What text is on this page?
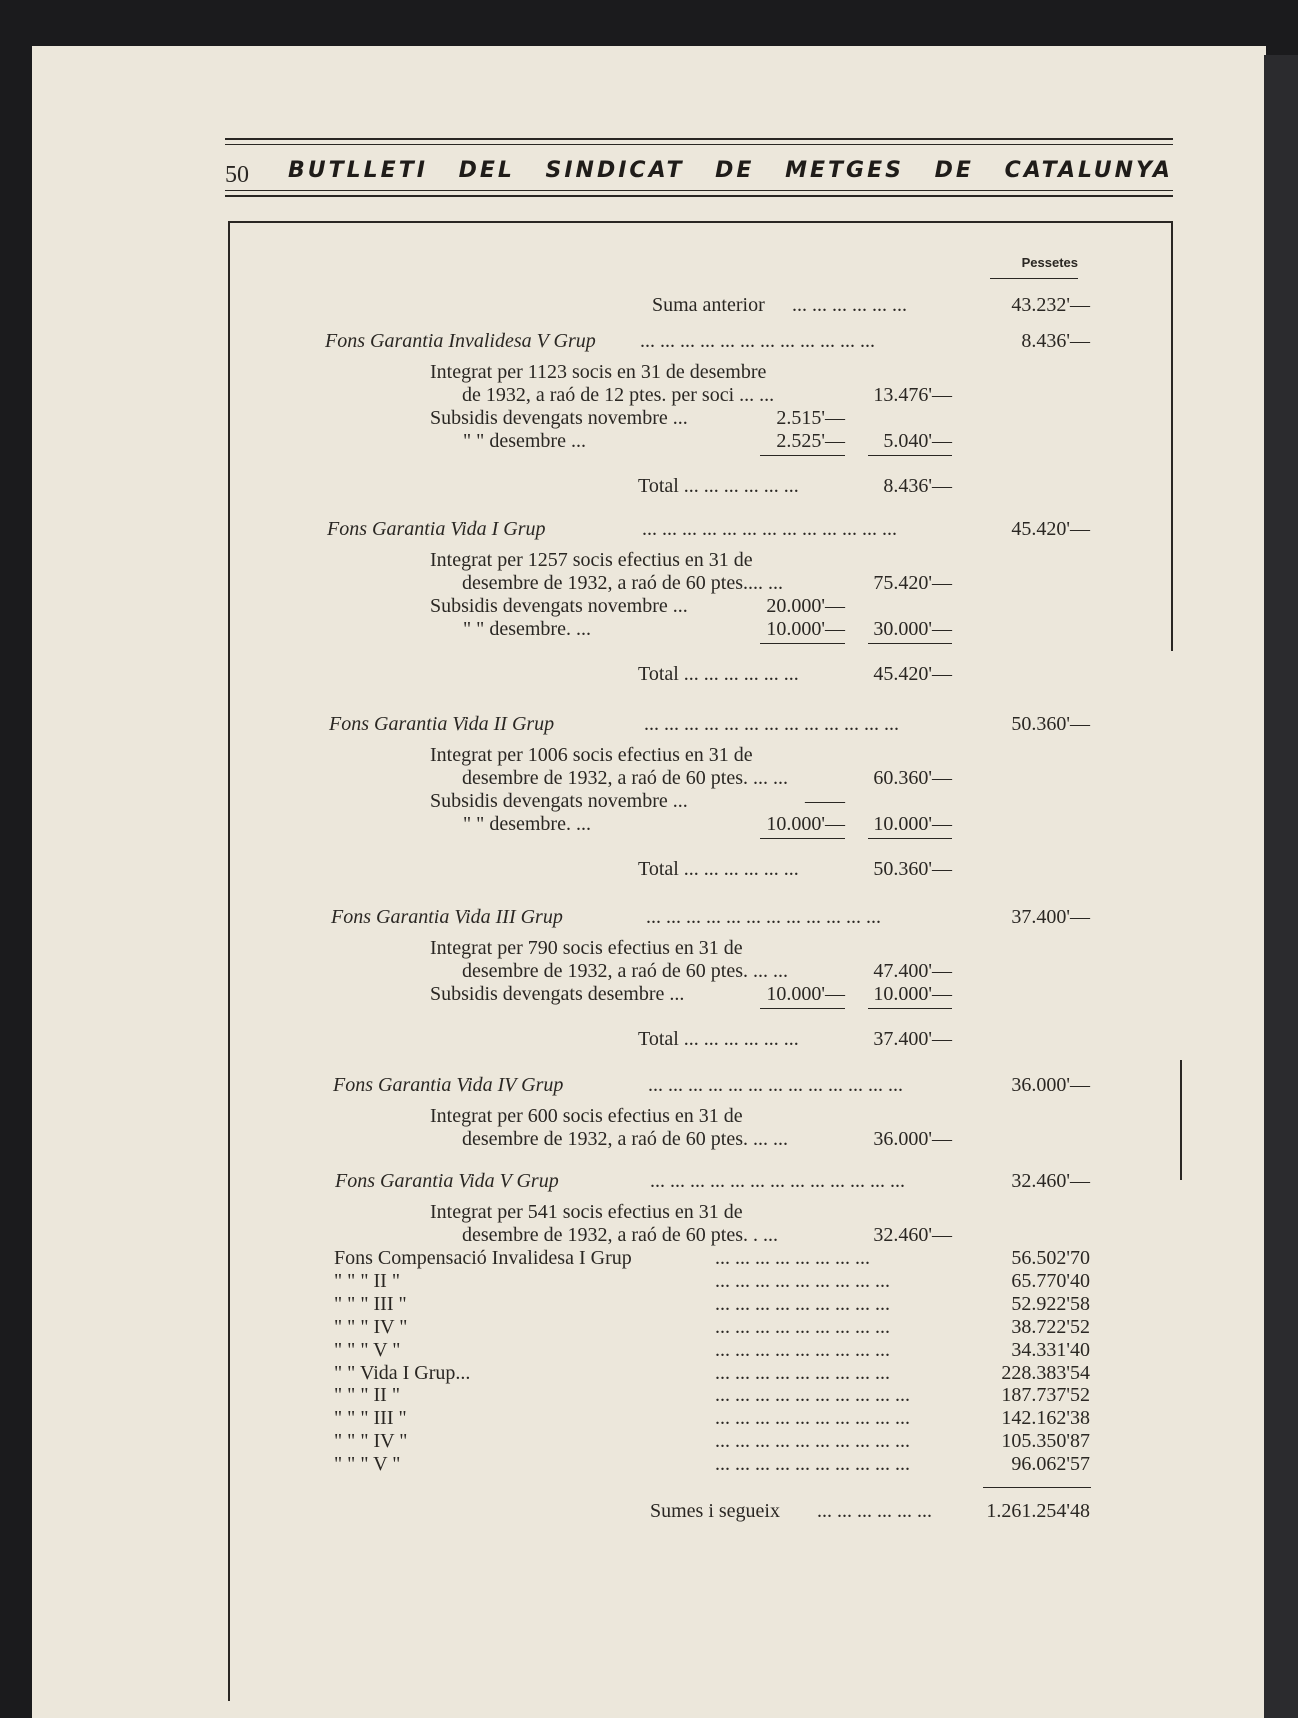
50 BUTLLETI DEL SINDICAT DE METGES DE CATALUNYA
Pessetes
Suma anterior ... ... ... ... ... ...	43.232'—
Fons Garantia Invalidesa V Grup ... ... ... ... ... ... ... ... ... ... ... ...	8.436'—
Integrat per 1123 socis en 31 de desembre
de 1932, a raó de 12 ptes. per soci ... ...	13.476'—
Subsidis devengats novembre ...	2.515'—
" " desembre ...	2.525'— 5.040'—
Total ... ... ... ... ... ...	8.436'—
Fons Garantia Vida I Grup	... ... ... ... ... ... ... ... ... ... ... ... ...	45.420'—
Integrat per 1257 socis efectius en 31 de
desembre de 1932, a raó de 60 ptes.... ...	75.420'—
Subsidis devengats novembre ...	20.000'—
" " desembre. ...	10.000'— 30.000'—
Total ... ... ... ... ... ...	45.420'—
Fons Garantia Vida II Grup	... ... ... ... ... ... ... ... ... ... ... ... ...	50.360'—
Integrat per 1006 socis efectius en 31 de
desembre de 1932, a raó de 60 ptes. ... ...	60.360'—
Subsidis devengats novembre ...	——
" " desembre. ...	10.000'— 10.000'—
Total ... ... ... ... ... ...	50.360'—
Fons Garantia Vida III Grup	... ... ... ... ... ... ... ... ... ... ... ...	37.400'—
Integrat per 790 socis efectius en 31 de
desembre de 1932, a raó de 60 ptes. ... ...	47.400'—
Subsidis devengats desembre ...	10.000'— 10.000'—
Total ... ... ... ... ... ...	37.400'—
Fons Garantia Vida IV Grup	... ... ... ... ... ... ... ... ... ... ... ... ...	36.000'—
Integrat per 600 socis efectius en 31 de
desembre de 1932, a raó de 60 ptes. ... ...	36.000'—
Fons Garantia Vida V Grup	... ... ... ... ... ... ... ... ... ... ... ... ...	32.460'—
Integrat per 541 socis efectius en 31 de
desembre de 1932, a raó de 60 ptes. . ...	32.460'—
Fons Compensació Invalidesa I Grup	... ... ... ... ... ... ... ...	56.502'70
" " " II "	... ... ... ... ... ... ... ... ...	65.770'40
" " " III "	... ... ... ... ... ... ... ... ...	52.922'58
" " " IV "	... ... ... ... ... ... ... ... ...	38.722'52
" " " V "	... ... ... ... ... ... ... ... ...	34.331'40
" " Vida I Grup...	... ... ... ... ... ... ... ... ...	228.383'54
" " " II "	... ... ... ... ... ... ... ... ... ...	187.737'52
" " " III "	... ... ... ... ... ... ... ... ... ...	142.162'38
" " " IV "	... ... ... ... ... ... ... ... ... ...	105.350'87
" " " V "	... ... ... ... ... ... ... ... ... ...	96.062'57
Sumes i segueix ... ... ... ... ... ...	1.261.254'48
